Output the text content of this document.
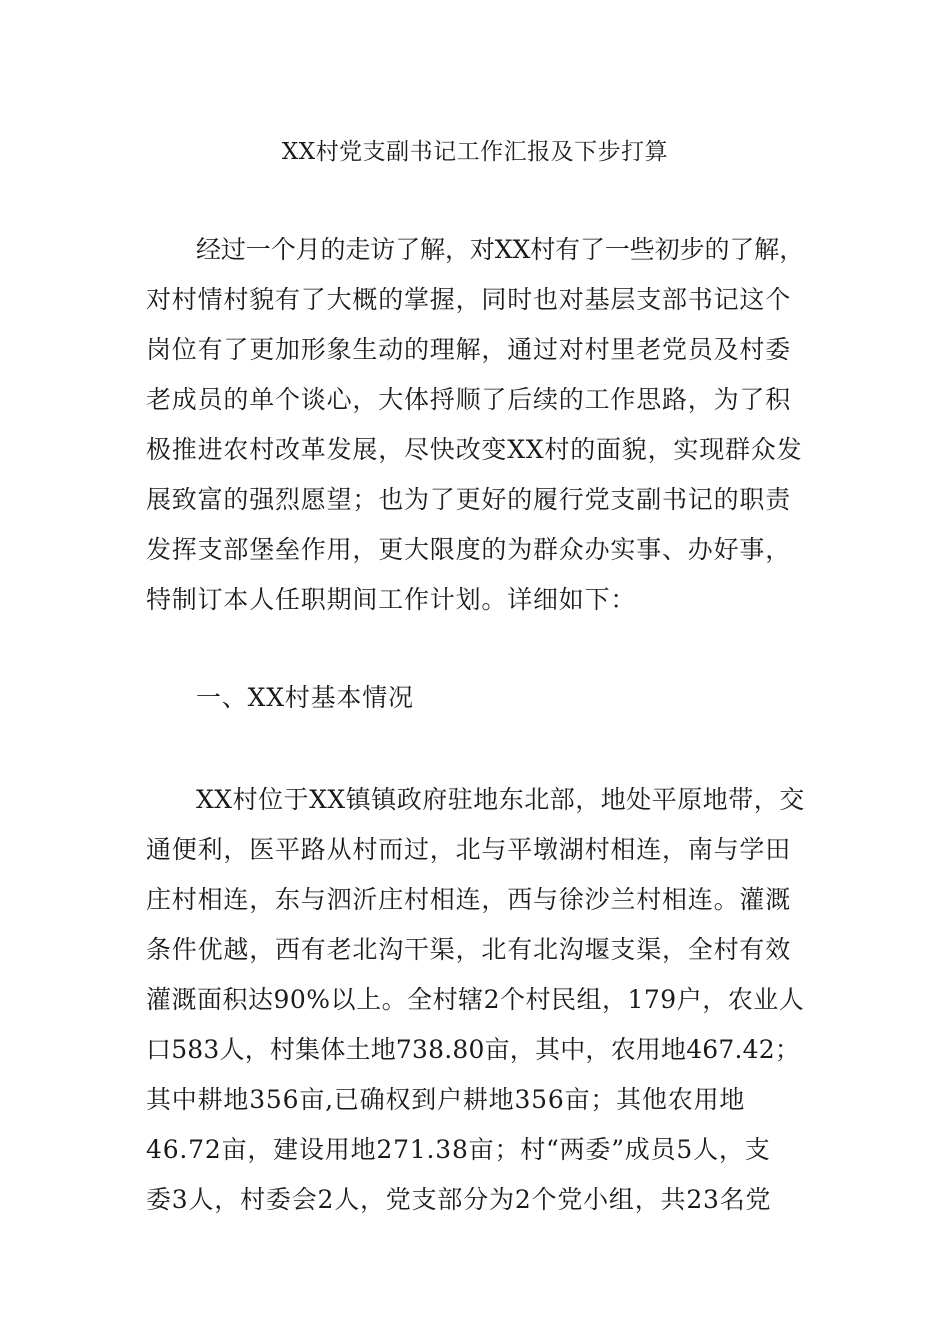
XX村党支副书记工作汇报及下步打算
经过一个月的走访了解，对XX村有了一些初步的了解，
对村情村貌有了大概的掌握，同时也对基层支部书记这个
岗位有了更加形象生动的理解，通过对村里老党员及村委
老成员的单个谈心，大体捋顺了后续的工作思路，为了积
极推进农村改革发展，尽快改变XX村的面貌，实现群众发
展致富的强烈愿望；也为了更好的履行党支副书记的职责
发挥支部堡垒作用，更大限度的为群众办实事、办好事，
特制订本人任职期间工作计划。详细如下：
一、XX村基本情况
XX村位于XX镇镇政府驻地东北部，地处平原地带，交
通便利，医平路从村而过，北与平墩湖村相连，南与学田
庄村相连，东与泗沂庄村相连，西与徐沙兰村相连。灌溉
条件优越，西有老北沟干渠，北有北沟堰支渠，全村有效
灌溉面积达90%以上。全村辖2个村民组，179户，农业人
口583人，村集体土地738.80亩，其中，农用地467.42；
其中耕地356亩,已确权到户耕地356亩；其他农用地
46.72亩，建设用地271.38亩；村“两委”成员5人，支
委3人，村委会2人，党支部分为2个党小组，共23名党
